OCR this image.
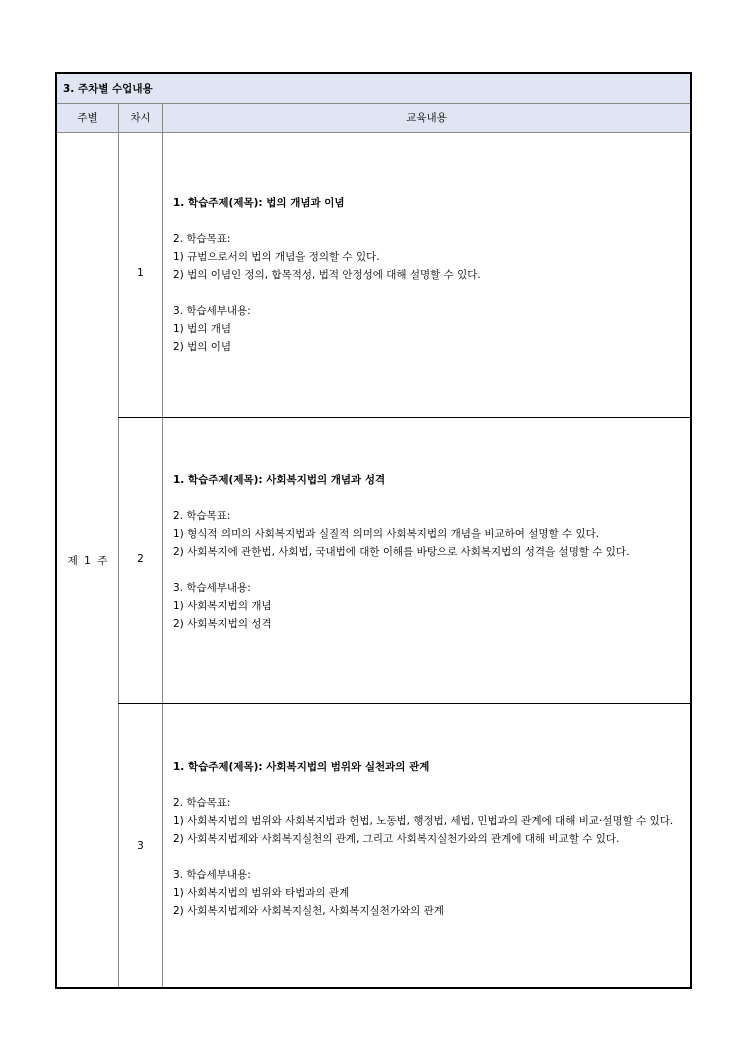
3. 주차별 수업내용
주별	차시	교육내용
제 1 주
1
1. 학습주제(제목): 법의 개념과 이념
2. 학습목표:
1) 규범으로서의 법의 개념을 정의할 수 있다.
2) 법의 이념인 정의, 합목적성, 법적 안정성에 대해 설명할 수 있다.
3. 학습세부내용:
1) 법의 개념
2) 법의 이념
2
1. 학습주제(제목): 사회복지법의 개념과 성격
2. 학습목표:
1) 형식적 의미의 사회복지법과 실질적 의미의 사회복지법의 개념을 비교하여 설명할 수 있다.
2) 사회복지에 관한법, 사회법, 국내법에 대한 이해를 바탕으로 사회복지법의 성격을 설명할 수 있다.
3. 학습세부내용:
1) 사회복지법의 개념
2) 사회복지법의 성격
3
1. 학습주제(제목): 사회복지법의 범위와 실천과의 관계
2. 학습목표:
1) 사회복지법의 범위와 사회복지법과 헌법, 노동법, 행정법, 세법, 민법과의 관계에 대해 비교·설명할 수 있다.
2) 사회복지법제와 사회복지실천의 관계, 그리고 사회복지실천가와의 관계에 대해 비교할 수 있다.
3. 학습세부내용:
1) 사회복지법의 범위와 타법과의 관계
2) 사회복지법제와 사회복지실천, 사회복지실천가와의 관계
